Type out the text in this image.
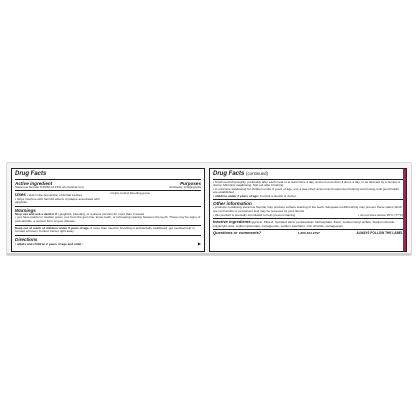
Drug Facts
Active ingredient	Purposes
Stannous fluoride 0.454% (0.15% w/v fluoride ion)	Anticavity, Antigingivitis
Uses • aids in the prevention of dental cavities
• helps interfere with harmful effects of plaque associated with gingivitis
• helps control bleeding gums
Warnings
Stop use and ask a dentist if • gingivitis, bleeding, or redness persists for more than 2 weeks
• you have painful or swollen gums, pus from the gum line, loose teeth, or increasing spacing between the teeth. These may be signs of periodontitis, a serious form of gum disease.
Keep out of reach of children under 6 years of age. If more than used for brushing is accidentally swallowed, get medical help or contact a Poison Control Center right away.
Directions
• adults and children 2 years of age and older:	▶
Drug Facts (continued)
• brush teeth thoroughly, preferably after each meal or at least twice a day, and not more than 3 times a day, or as directed by a dentist or doctor. Minimize swallowing. Spit out after brushing.
• to minimize swallowing for children under 6 years of age, use a pea-sized amount and supervise brushing and rinsing until good habits are established
• children under 2 years of age: Consult a dentist or doctor.
Other information
• products containing stannous fluoride may produce surface staining of the teeth. Adequate toothbrushing may prevent these stains which are not harmful or permanent and may be removed by your dentist
• this product is specially formulated to help prevent staining	• do not store above 25°C (77°F)
Inactive ingredients glycerin, PEG-8, hydrated silica, pentasodium triphosphate, flavor, sodium lauryl sulfate, titanium dioxide, polyacrylic acid, sodium gluconate, carrageenan, sodium saccharin, zinc chloride, carrageenan
Questions or comments?	1-866-844-2797	ALWAYS FOLLOW THE LABEL
